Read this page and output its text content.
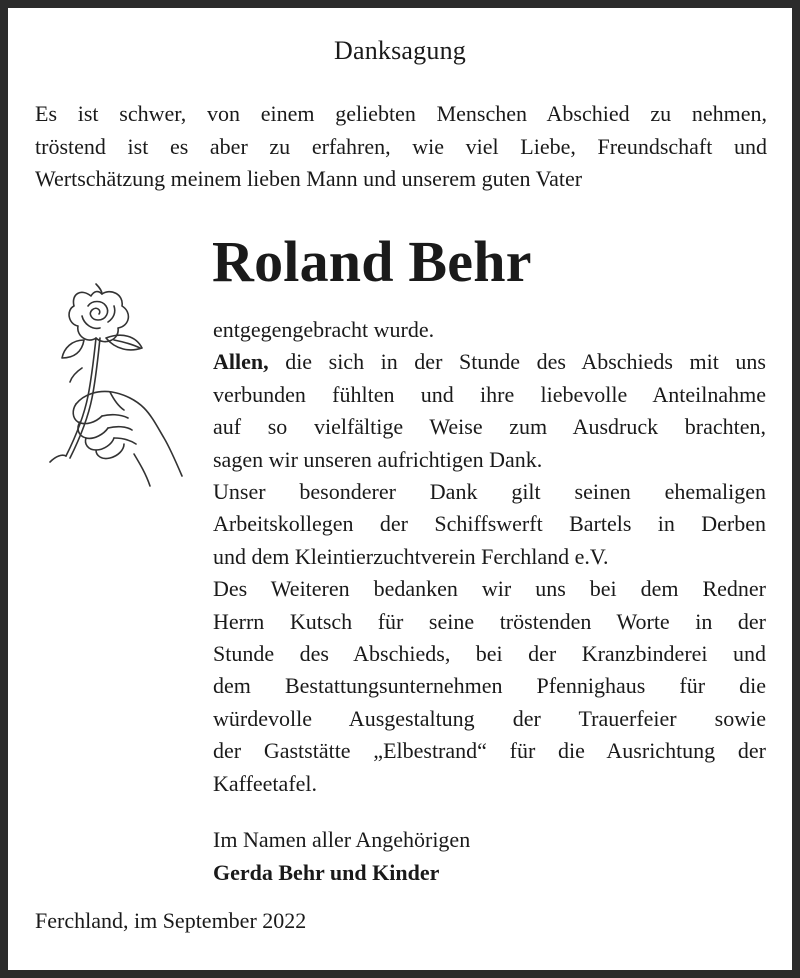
Danksagung
Es ist schwer, von einem geliebten Menschen Abschied zu nehmen,
tröstend ist es aber zu erfahren, wie viel Liebe, Freundschaft und
Wertschätzung meinem lieben Mann und unserem guten Vater
Roland Behr
entgegengebracht wurde.
Allen, die sich in der Stunde des Abschieds mit uns
verbunden fühlten und ihre liebevolle Anteilnahme
auf so vielfältige Weise zum Ausdruck brachten,
sagen wir unseren aufrichtigen Dank.
Unser besonderer Dank gilt seinen ehemaligen
Arbeitskollegen der Schiffswerft Bartels in Derben
und dem Kleintierzuchtverein Ferchland e.V.
Des Weiteren bedanken wir uns bei dem Redner
Herrn Kutsch für seine tröstenden Worte in der
Stunde des Abschieds, bei der Kranzbinderei und
dem Bestattungsunternehmen Pfennighaus für die
würdevolle Ausgestaltung der Trauerfeier sowie
der Gaststätte „Elbestrand“ für die Ausrichtung der
Kaffeetafel.
Im Namen aller Angehörigen
Gerda Behr und Kinder
Ferchland, im September 2022
